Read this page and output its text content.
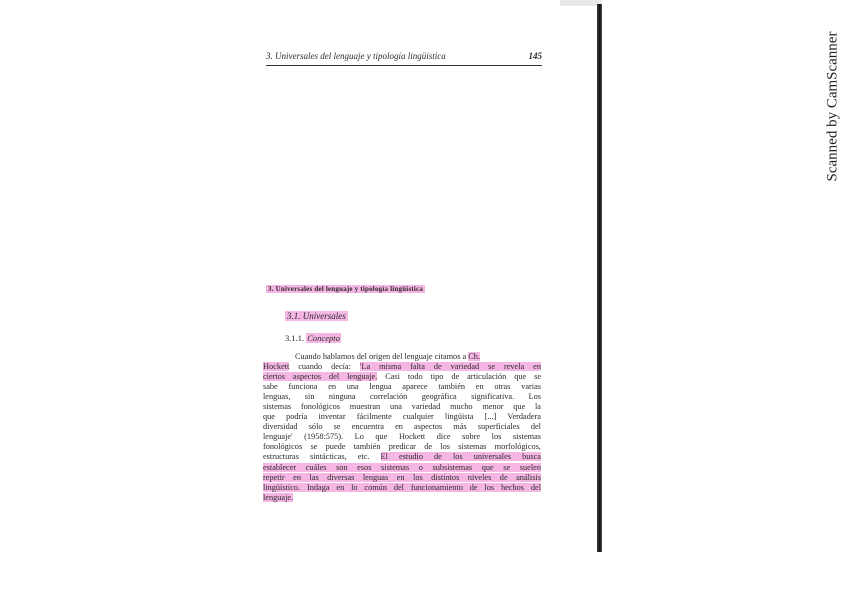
3. Universales del lenguaje y tipología lingüística	145
3. Universales del lenguaje y tipología lingüística
3.1. Universales
3.1.1. Concepto
Cuando hablamos del origen del lenguaje citamos a Ch.
Hockett cuando decía: 'La misma falta de variedad se revela en
ciertos aspectos del lenguaje. Casi todo tipo de articulación que se
sabe funciona en una lengua aparece también en otras varias
lenguas, sin ninguna correlación geográfica significativa. Los
sistemas fonológicos muestran una variedad mucho menor que la
que podría inventar fácilmente cualquier lingüista [...] Verdadera
diversidad sólo se encuentra en aspectos más superficiales del
lenguaje' (1958:575). Lo que Hockett dice sobre los sistemas
fonológicos se puede también predicar de los sistemas morfológicos,
estructuras sintácticas, etc. El estudio de los universales busca
establecer cuáles son esos sistemas o subsistemas que se suelen
repetir en las diversas lenguas en los distintos niveles de análisis
lingüístico. Indaga en lo común del funcionamiento de los hechos del
lenguaje.
Scanned by CamScanner
